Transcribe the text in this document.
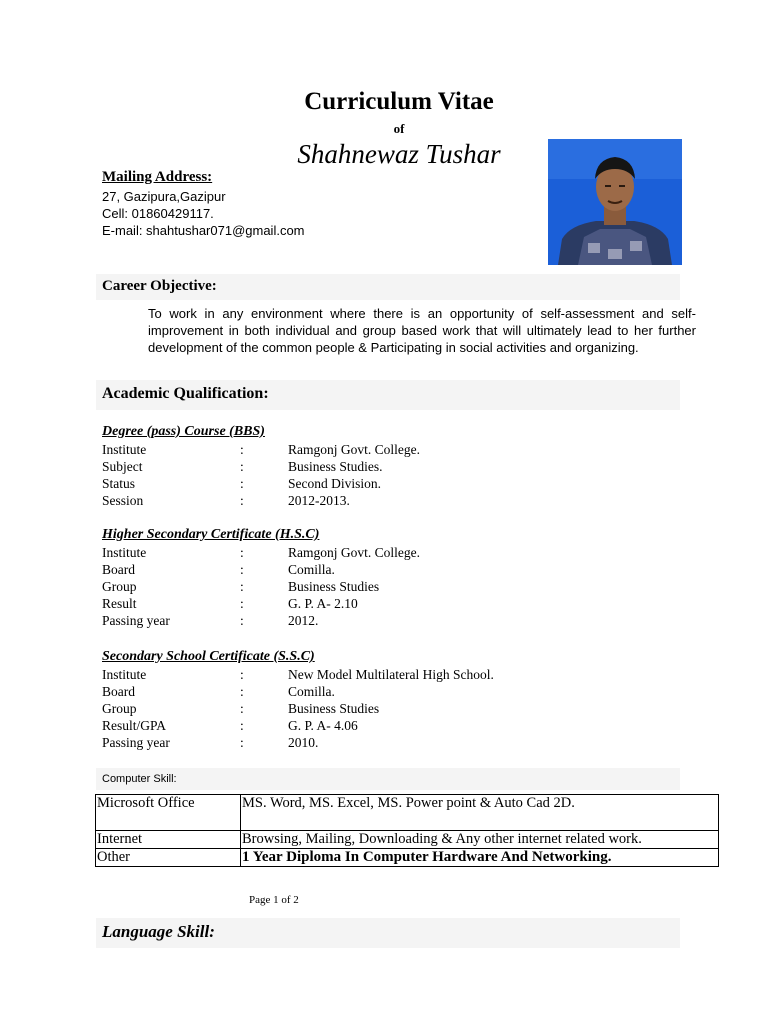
Curriculum Vitae
of
Shahnewaz Tushar
Mailing Address:
27, Gazipura,Gazipur
Cell: 01860429117.
E-mail: shahtushar071@gmail.com
Career Objective:
To work in any environment where there is an opportunity of self-assessment and self-improvement in both individual and group based work that will ultimately lead to her further development of the common people & Participating in social activities and organizing.
Academic Qualification:
Degree (pass) Course (BBS)
Institute	:	Ramgonj Govt. College.
Subject	:	Business Studies.
Status	:	Second Division.
Session	:	2012-2013.
Higher Secondary Certificate (H.S.C)
Institute	:	Ramgonj Govt. College.
Board	:	Comilla.
Group	:	Business Studies
Result	:	G. P. A- 2.10
Passing year	:	2012.
Secondary School Certificate (S.S.C)
Institute	:	New Model Multilateral High School.
Board	:	Comilla.
Group	:	Business Studies
Result/GPA	:	G. P. A- 4.06
Passing year	:	2010.
Computer Skill:
Microsoft Office	MS. Word, MS. Excel, MS. Power point & Auto Cad 2D.
Internet	Browsing, Mailing, Downloading & Any other internet related work.
Other	1 Year Diploma In Computer Hardware And Networking.
Page 1 of 2
Language Skill:
